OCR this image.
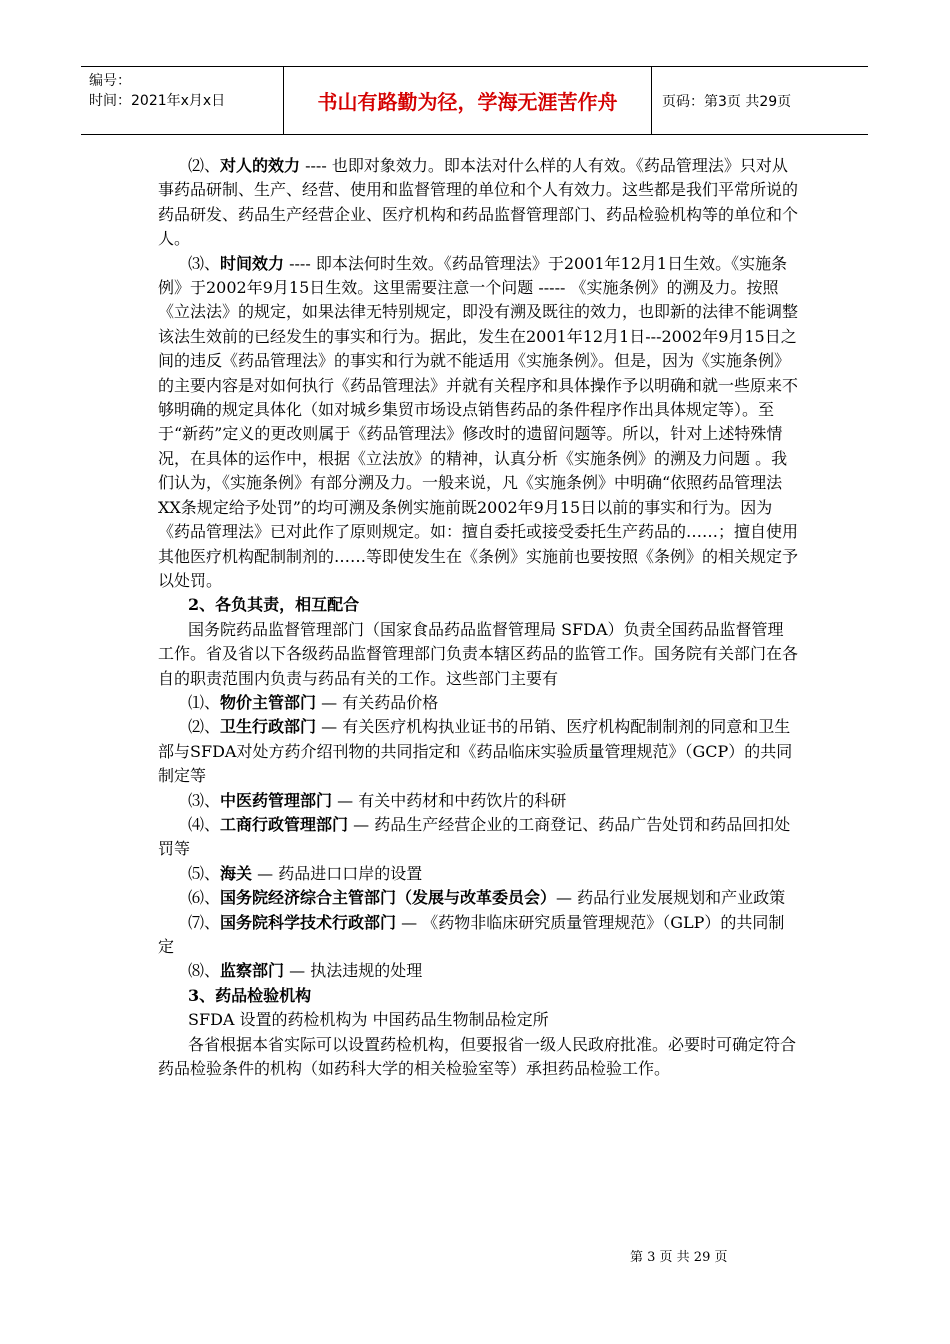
编号：
时间：2021年x月x日	书山有路勤为径，学海无涯苦作舟	页码：第3页 共29页

⑵、对人的效力 ---- 也即对象效力。即本法对什么样的人有效。《药品管理法》只对从事药品研制、生产、经营、使用和监督管理的单位和个人有效力。这些都是我们平常所说的药品研发、药品生产经营企业、医疗机构和药品监督管理部门、药品检验机构等的单位和个人。

⑶、时间效力 ---- 即本法何时生效。《药品管理法》于2001年12月1日生效。《实施条例》于2002年9月15日生效。这里需要注意一个问题 ----- 《实施条例》的溯及力。按照《立法法》的规定，如果法律无特别规定，即没有溯及既往的效力，也即新的法律不能调整该法生效前的已经发生的事实和行为。据此，发生在2001年12月1日---2002年9月15日之间的违反《药品管理法》的事实和行为就不能适用《实施条例》。但是，因为《实施条例》的主要内容是对如何执行《药品管理法》并就有关程序和具体操作予以明确和就一些原来不够明确的规定具体化（如对城乡集贸市场设点销售药品的条件程序作出具体规定等）。至于“新药”定义的更改则属于《药品管理法》修改时的遗留问题等。所以，针对上述特殊情况，在具体的运作中，根据《立法放》的精神，认真分析《实施条例》的溯及力问题 。我们认为，《实施条例》有部分溯及力。一般来说，凡《实施条例》中明确“依照药品管理法XX条规定给予处罚”的均可溯及条例实施前既2002年9月15日以前的事实和行为。因为《药品管理法》已对此作了原则规定。如：擅自委托或接受委托生产药品的……；擅自使用其他医疗机构配制制剂的……等即使发生在《条例》实施前也要按照《条例》的相关规定予以处罚。

2、各负其责，相互配合

国务院药品监督管理部门（国家食品药品监督管理局 SFDA）负责全国药品监督管理工作。省及省以下各级药品监督管理部门负责本辖区药品的监管工作。国务院有关部门在各自的职责范围内负责与药品有关的工作。这些部门主要有

⑴、物价主管部门 — 有关药品价格

⑵、卫生行政部门 — 有关医疗机构执业证书的吊销、医疗机构配制制剂的同意和卫生部与SFDA对处方药介绍刊物的共同指定和《药品临床实验质量管理规范》（GCP）的共同制定等

⑶、中医药管理部门 — 有关中药材和中药饮片的科研

⑷、工商行政管理部门 — 药品生产经营企业的工商登记、药品广告处罚和药品回扣处罚等

⑸、海关 — 药品进口口岸的设置

⑹、国务院经济综合主管部门（发展与改革委员会）— 药品行业发展规划和产业政策

⑺、国务院科学技术行政部门 — 《药物非临床研究质量管理规范》（GLP）的共同制定

⑻、监察部门 — 执法违规的处理

3、药品检验机构

SFDA 设置的药检机构为 中国药品生物制品检定所

各省根据本省实际可以设置药检机构，但要报省一级人民政府批准。必要时可确定符合药品检验条件的机构（如药科大学的相关检验室等）承担药品检验工作。

第 3 页 共 29 页
